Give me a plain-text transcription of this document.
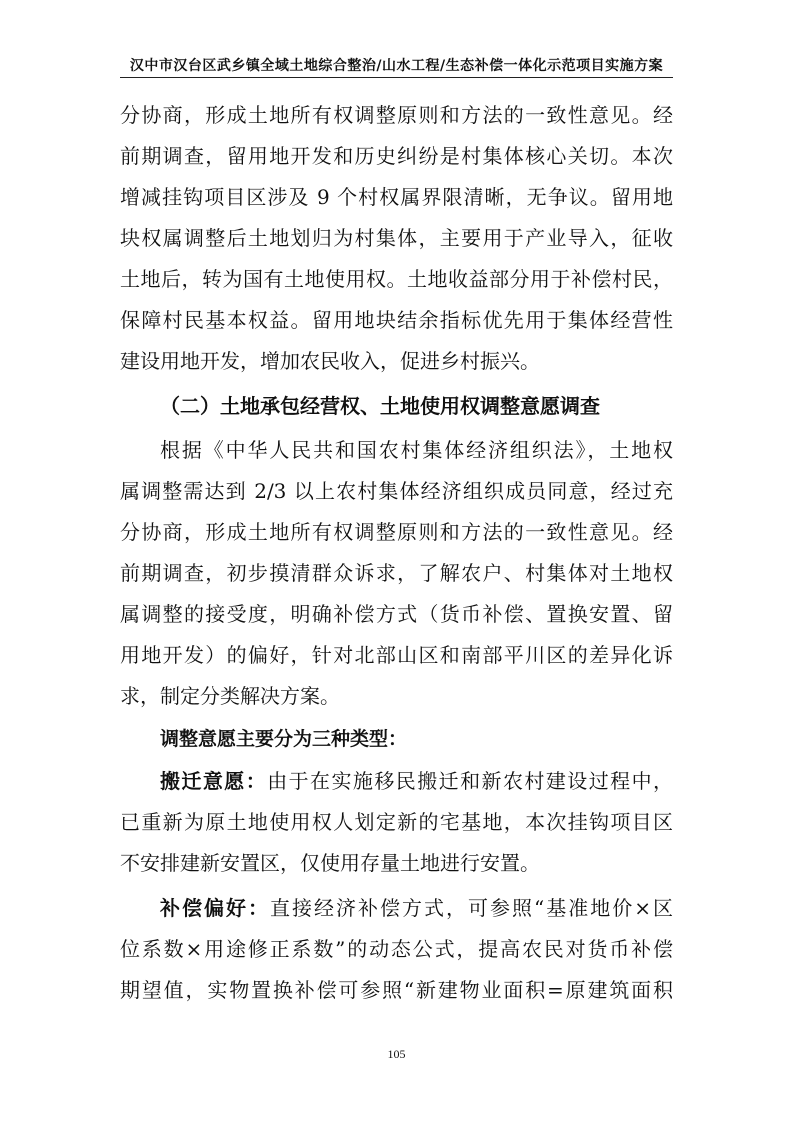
汉中市汉台区武乡镇全域土地综合整治/山水工程/生态补偿一体化示范项目实施方案
分协商，形成土地所有权调整原则和方法的一致性意见。经
前期调查，留用地开发和历史纠纷是村集体核心关切。本次
增减挂钩项目区涉及 9 个村权属界限清晰，无争议。留用地
块权属调整后土地划归为村集体，主要用于产业导入，征收
土地后，转为国有土地使用权。土地收益部分用于补偿村民，
保障村民基本权益。留用地块结余指标优先用于集体经营性
建设用地开发，增加农民收入，促进乡村振兴。
（二）土地承包经营权、土地使用权调整意愿调查
根据《中华人民共和国农村集体经济组织法》，土地权
属调整需达到 2/3 以上农村集体经济组织成员同意，经过充
分协商，形成土地所有权调整原则和方法的一致性意见。经
前期调查，初步摸清群众诉求，了解农户、村集体对土地权
属调整的接受度，明确补偿方式（货币补偿、置换安置、留
用地开发）的偏好，针对北部山区和南部平川区的差异化诉
求，制定分类解决方案。
调整意愿主要分为三种类型：
搬迁意愿：由于在实施移民搬迁和新农村建设过程中，
已重新为原土地使用权人划定新的宅基地，本次挂钩项目区
不安排建新安置区，仅使用存量土地进行安置。
补偿偏好：直接经济补偿方式，可参照“基准地价×区
位系数×用途修正系数”的动态公式，提高农民对货币补偿
期望值，实物置换补偿可参照“新建物业面积=原建筑面积
105
